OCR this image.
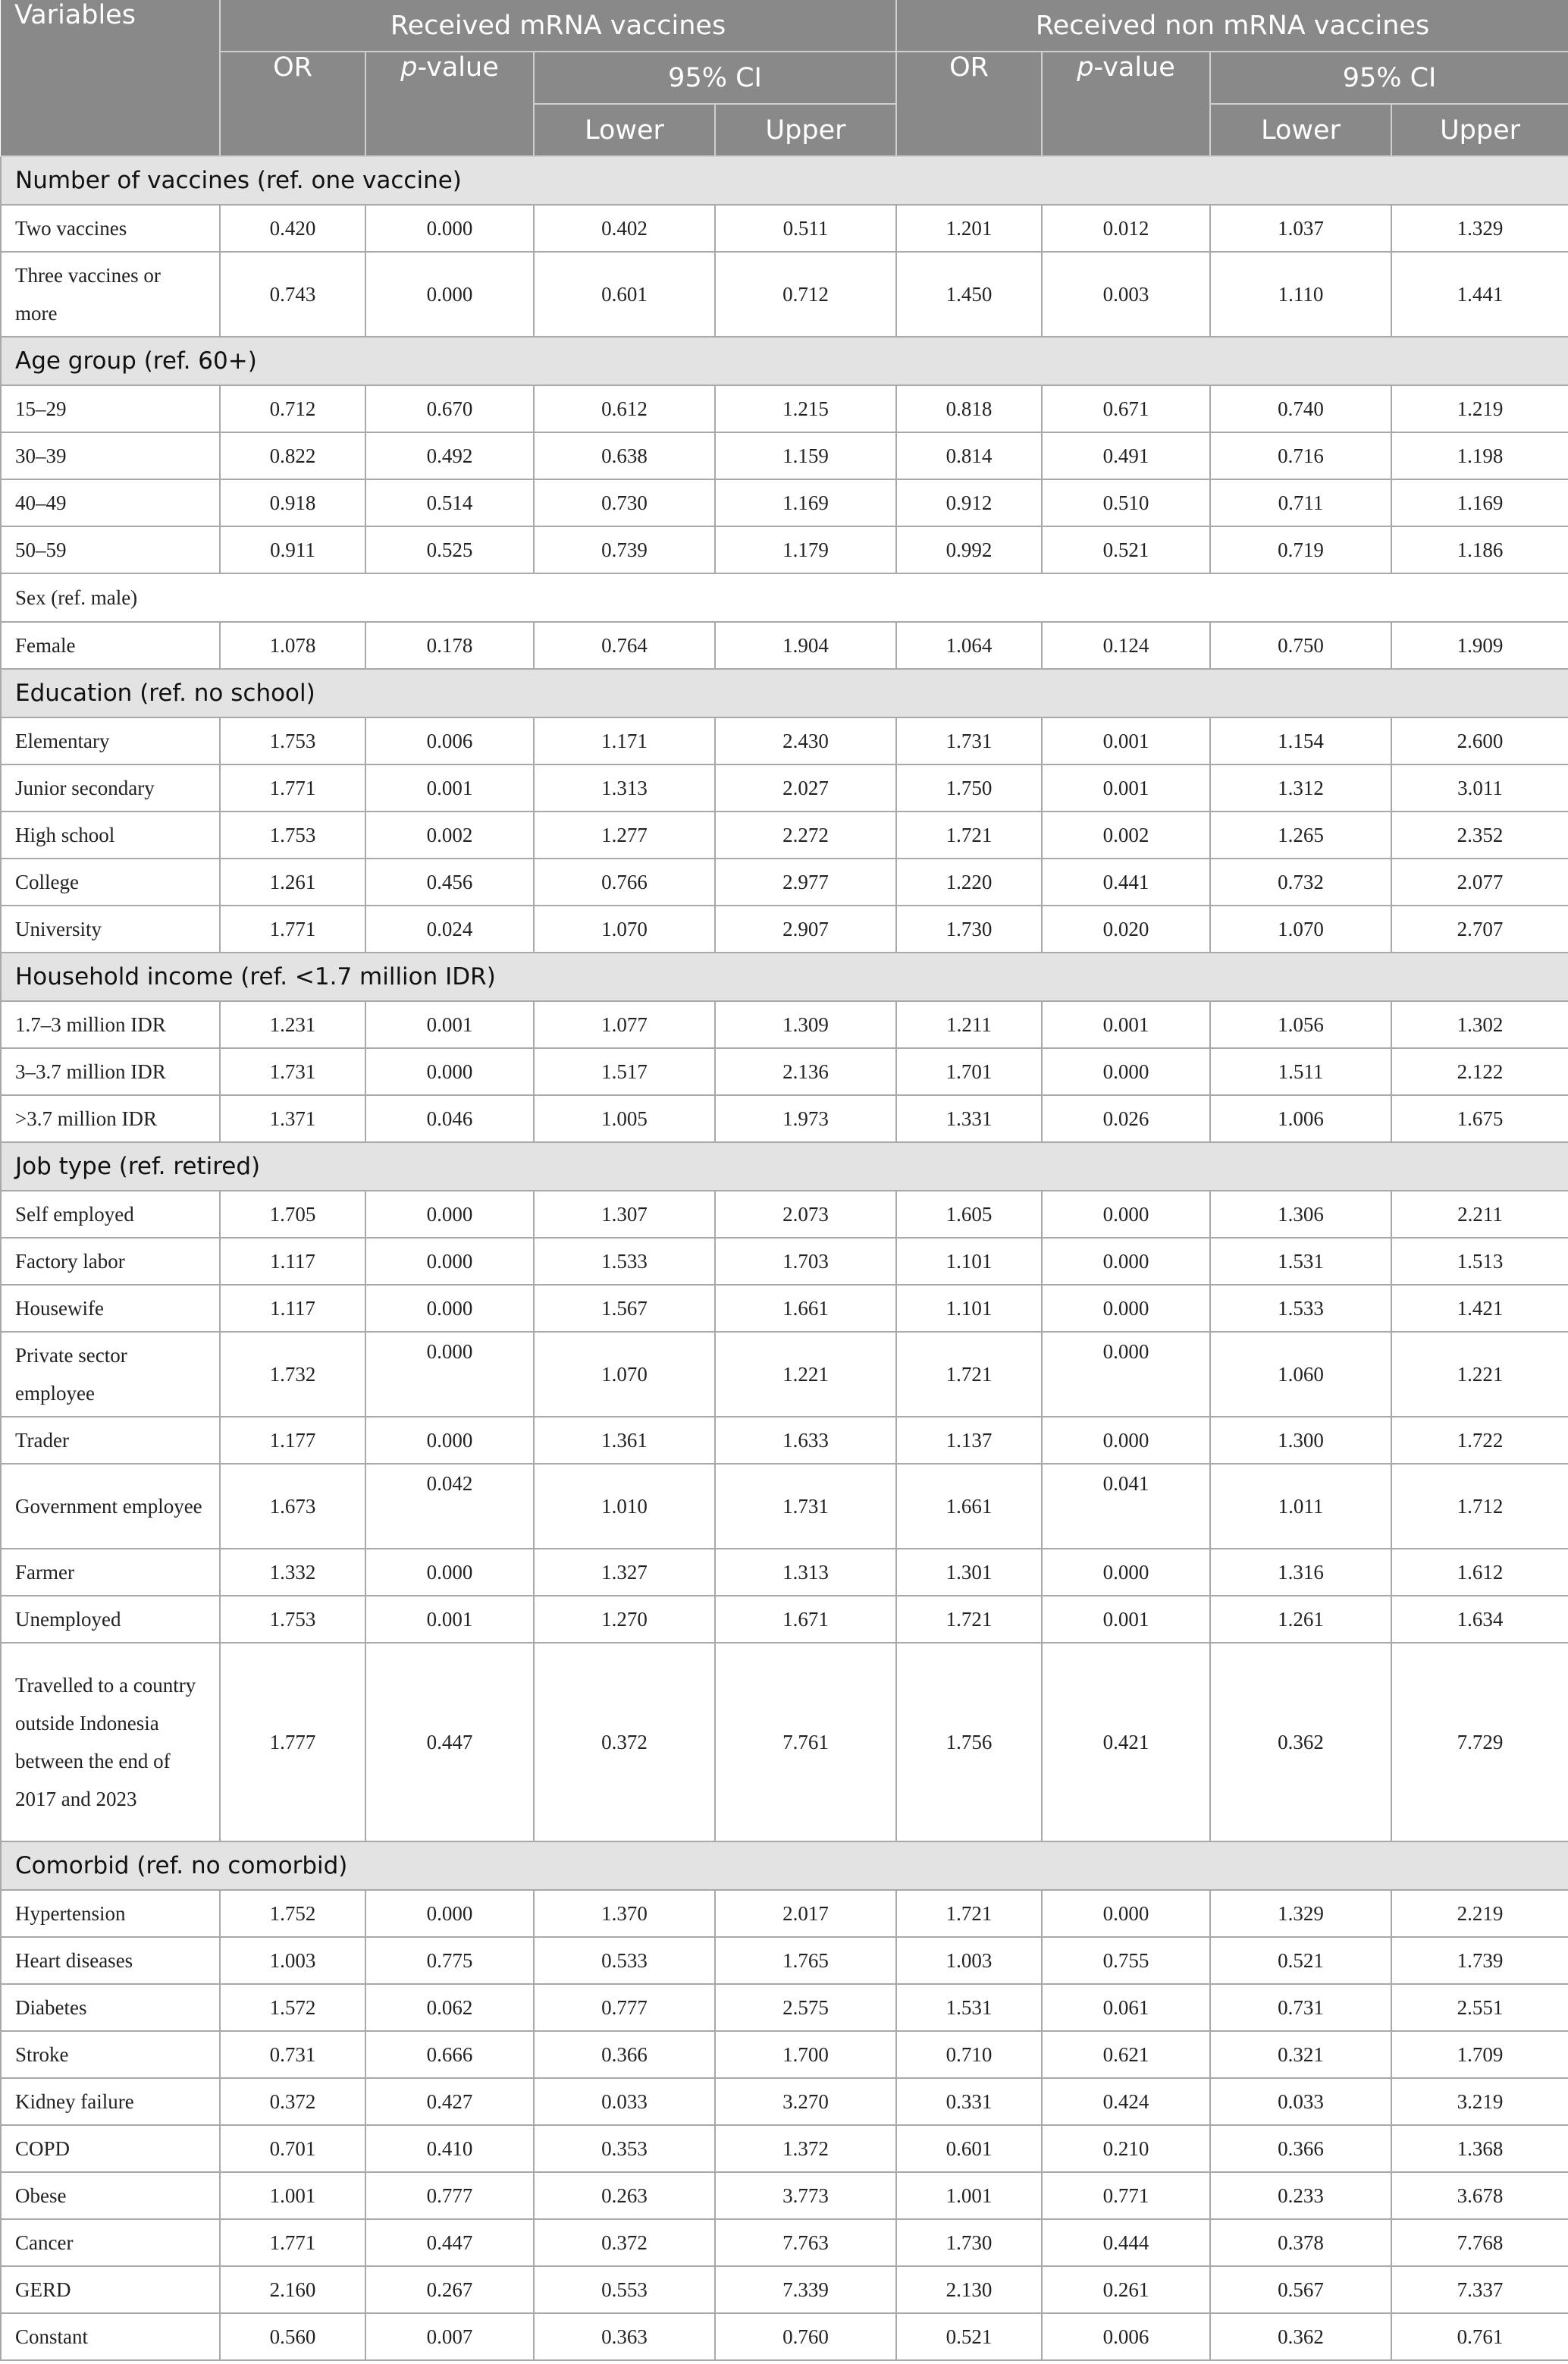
Variables	Received mRNA vaccines				Received non mRNA vaccines			
	OR	p-value	95% CI		OR	p-value	95% CI	
			Lower	Upper			Lower	Upper
Number of vaccines (ref. one vaccine)								
Two vaccines	0.420	0.000	0.402	0.511	1.201	0.012	1.037	1.329
Three vaccines or more	0.743	0.000	0.601	0.712	1.450	0.003	1.110	1.441
Age group (ref. 60+)								
15–29	0.712	0.670	0.612	1.215	0.818	0.671	0.740	1.219
30–39	0.822	0.492	0.638	1.159	0.814	0.491	0.716	1.198
40–49	0.918	0.514	0.730	1.169	0.912	0.510	0.711	1.169
50–59	0.911	0.525	0.739	1.179	0.992	0.521	0.719	1.186
Sex (ref. male)								
Female	1.078	0.178	0.764	1.904	1.064	0.124	0.750	1.909
Education (ref. no school)								
Elementary	1.753	0.006	1.171	2.430	1.731	0.001	1.154	2.600
Junior secondary	1.771	0.001	1.313	2.027	1.750	0.001	1.312	3.011
High school	1.753	0.002	1.277	2.272	1.721	0.002	1.265	2.352
College	1.261	0.456	0.766	2.977	1.220	0.441	0.732	2.077
University	1.771	0.024	1.070	2.907	1.730	0.020	1.070	2.707
Household income (ref. <1.7 million IDR)								
1.7–3 million IDR	1.231	0.001	1.077	1.309	1.211	0.001	1.056	1.302
3–3.7 million IDR	1.731	0.000	1.517	2.136	1.701	0.000	1.511	2.122
>3.7 million IDR	1.371	0.046	1.005	1.973	1.331	0.026	1.006	1.675
Job type (ref. retired)								
Self employed	1.705	0.000	1.307	2.073	1.605	0.000	1.306	2.211
Factory labor	1.117	0.000	1.533	1.703	1.101	0.000	1.531	1.513
Housewife	1.117	0.000	1.567	1.661	1.101	0.000	1.533	1.421
Private sector employee	1.732	0.000	1.070	1.221	1.721	0.000	1.060	1.221
Trader	1.177	0.000	1.361	1.633	1.137	0.000	1.300	1.722
Government employee	1.673	0.042	1.010	1.731	1.661	0.041	1.011	1.712
Farmer	1.332	0.000	1.327	1.313	1.301	0.000	1.316	1.612
Unemployed	1.753	0.001	1.270	1.671	1.721	0.001	1.261	1.634
Travelled to a country outside Indonesia between the end of 2017 and 2023	1.777	0.447	0.372	7.761	1.756	0.421	0.362	7.729
Comorbid (ref. no comorbid)								
Hypertension	1.752	0.000	1.370	2.017	1.721	0.000	1.329	2.219
Heart diseases	1.003	0.775	0.533	1.765	1.003	0.755	0.521	1.739
Diabetes	1.572	0.062	0.777	2.575	1.531	0.061	0.731	2.551
Stroke	0.731	0.666	0.366	1.700	0.710	0.621	0.321	1.709
Kidney failure	0.372	0.427	0.033	3.270	0.331	0.424	0.033	3.219
COPD	0.701	0.410	0.353	1.372	0.601	0.210	0.366	1.368
Obese	1.001	0.777	0.263	3.773	1.001	0.771	0.233	3.678
Cancer	1.771	0.447	0.372	7.763	1.730	0.444	0.378	7.768
GERD	2.160	0.267	0.553	7.339	2.130	0.261	0.567	7.337
Constant	0.560	0.007	0.363	0.760	0.521	0.006	0.362	0.761
